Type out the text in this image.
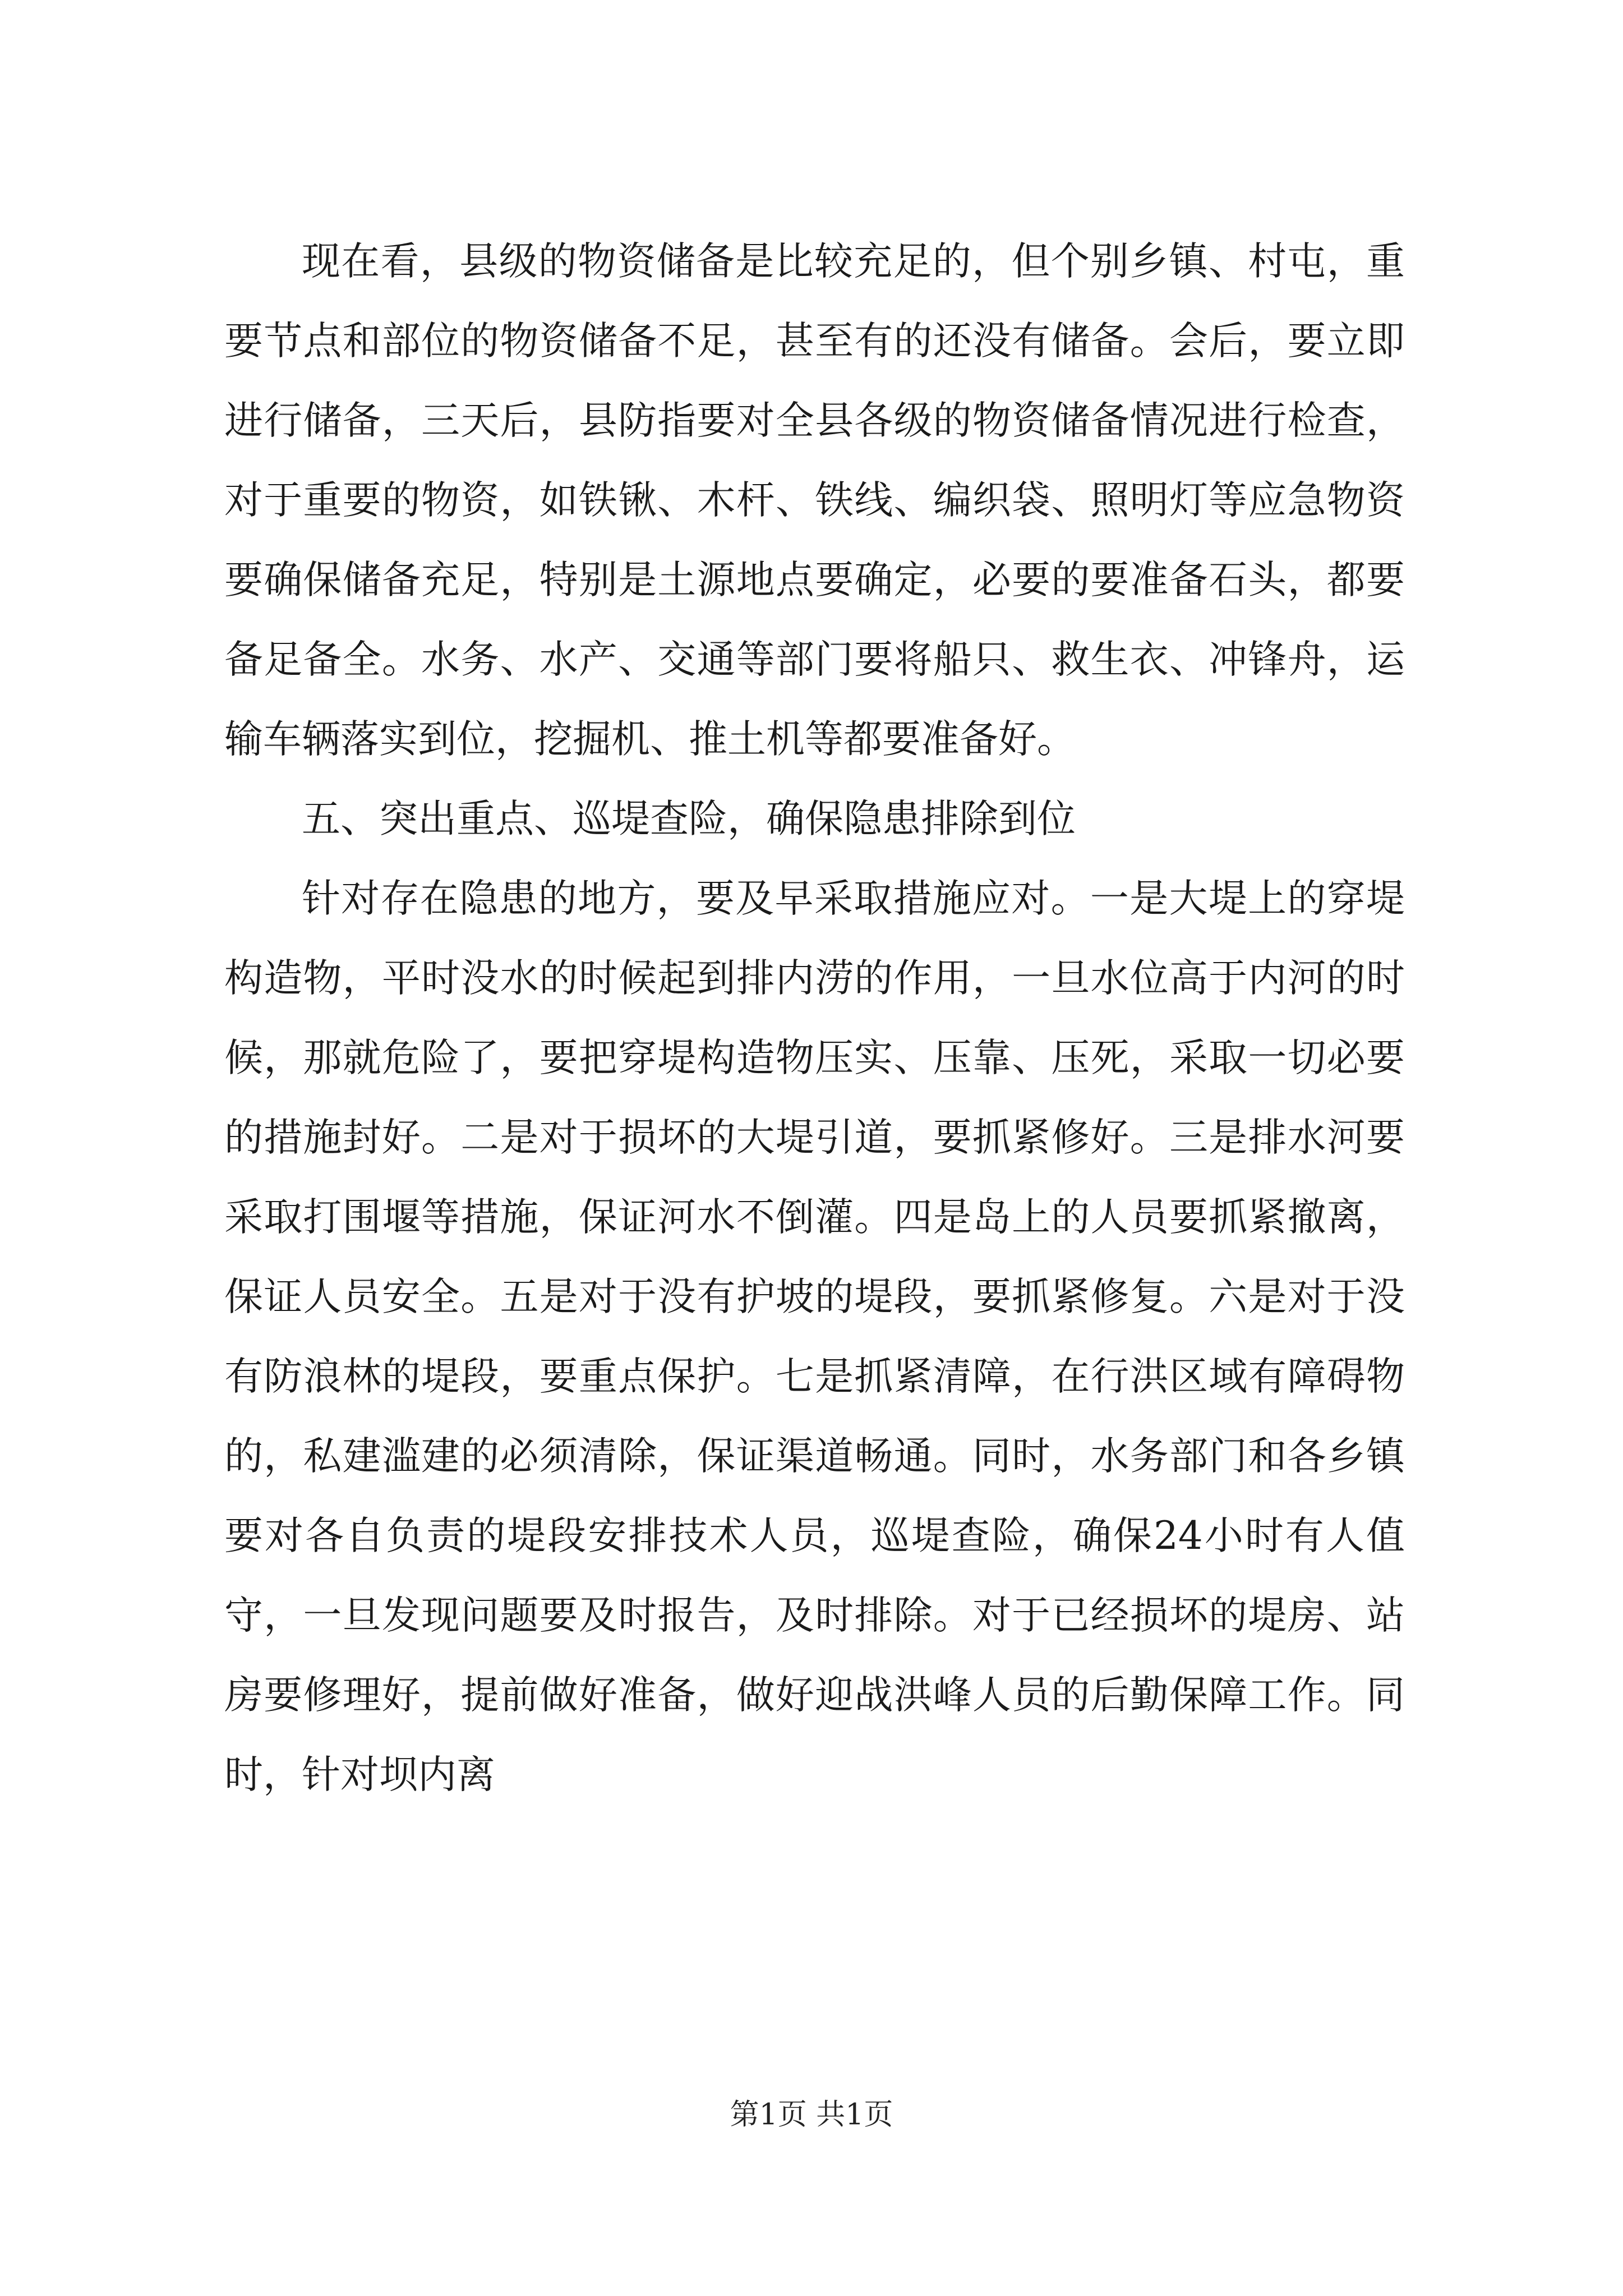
现在看，县级的物资储备是比较充足的，但个别乡镇、村屯，重要节点和部位的物资储备不足，甚至有的还没有储备。会后，要立即进行储备，三天后，县防指要对全县各级的物资储备情况进行检查，对于重要的物资，如铁锹、木杆、铁线、编织袋、照明灯等应急物资要确保储备充足，特别是土源地点要确定，必要的要准备石头，都要备足备全。水务、水产、交通等部门要将船只、救生衣、冲锋舟，运输车辆落实到位，挖掘机、推土机等都要准备好。

五、突出重点、巡堤查险，确保隐患排除到位

针对存在隐患的地方，要及早采取措施应对。一是大堤上的穿堤构造物，平时没水的时候起到排内涝的作用，一旦水位高于内河的时候，那就危险了，要把穿堤构造物压实、压靠、压死，采取一切必要的措施封好。二是对于损坏的大堤引道，要抓紧修好。三是排水河要采取打围堰等措施，保证河水不倒灌。四是岛上的人员要抓紧撤离，保证人员安全。五是对于没有护坡的堤段，要抓紧修复。六是对于没有防浪林的堤段，要重点保护。七是抓紧清障，在行洪区域有障碍物的，私建滥建的必须清除，保证渠道畅通。同时，水务部门和各乡镇要对各自负责的堤段安排技术人员，巡堤查险，确保24小时有人值守，一旦发现问题要及时报告，及时排除。对于已经损坏的堤房、站房要修理好，提前做好准备，做好迎战洪峰人员的后勤保障工作。同时，针对坝内离

第1页 共1页
